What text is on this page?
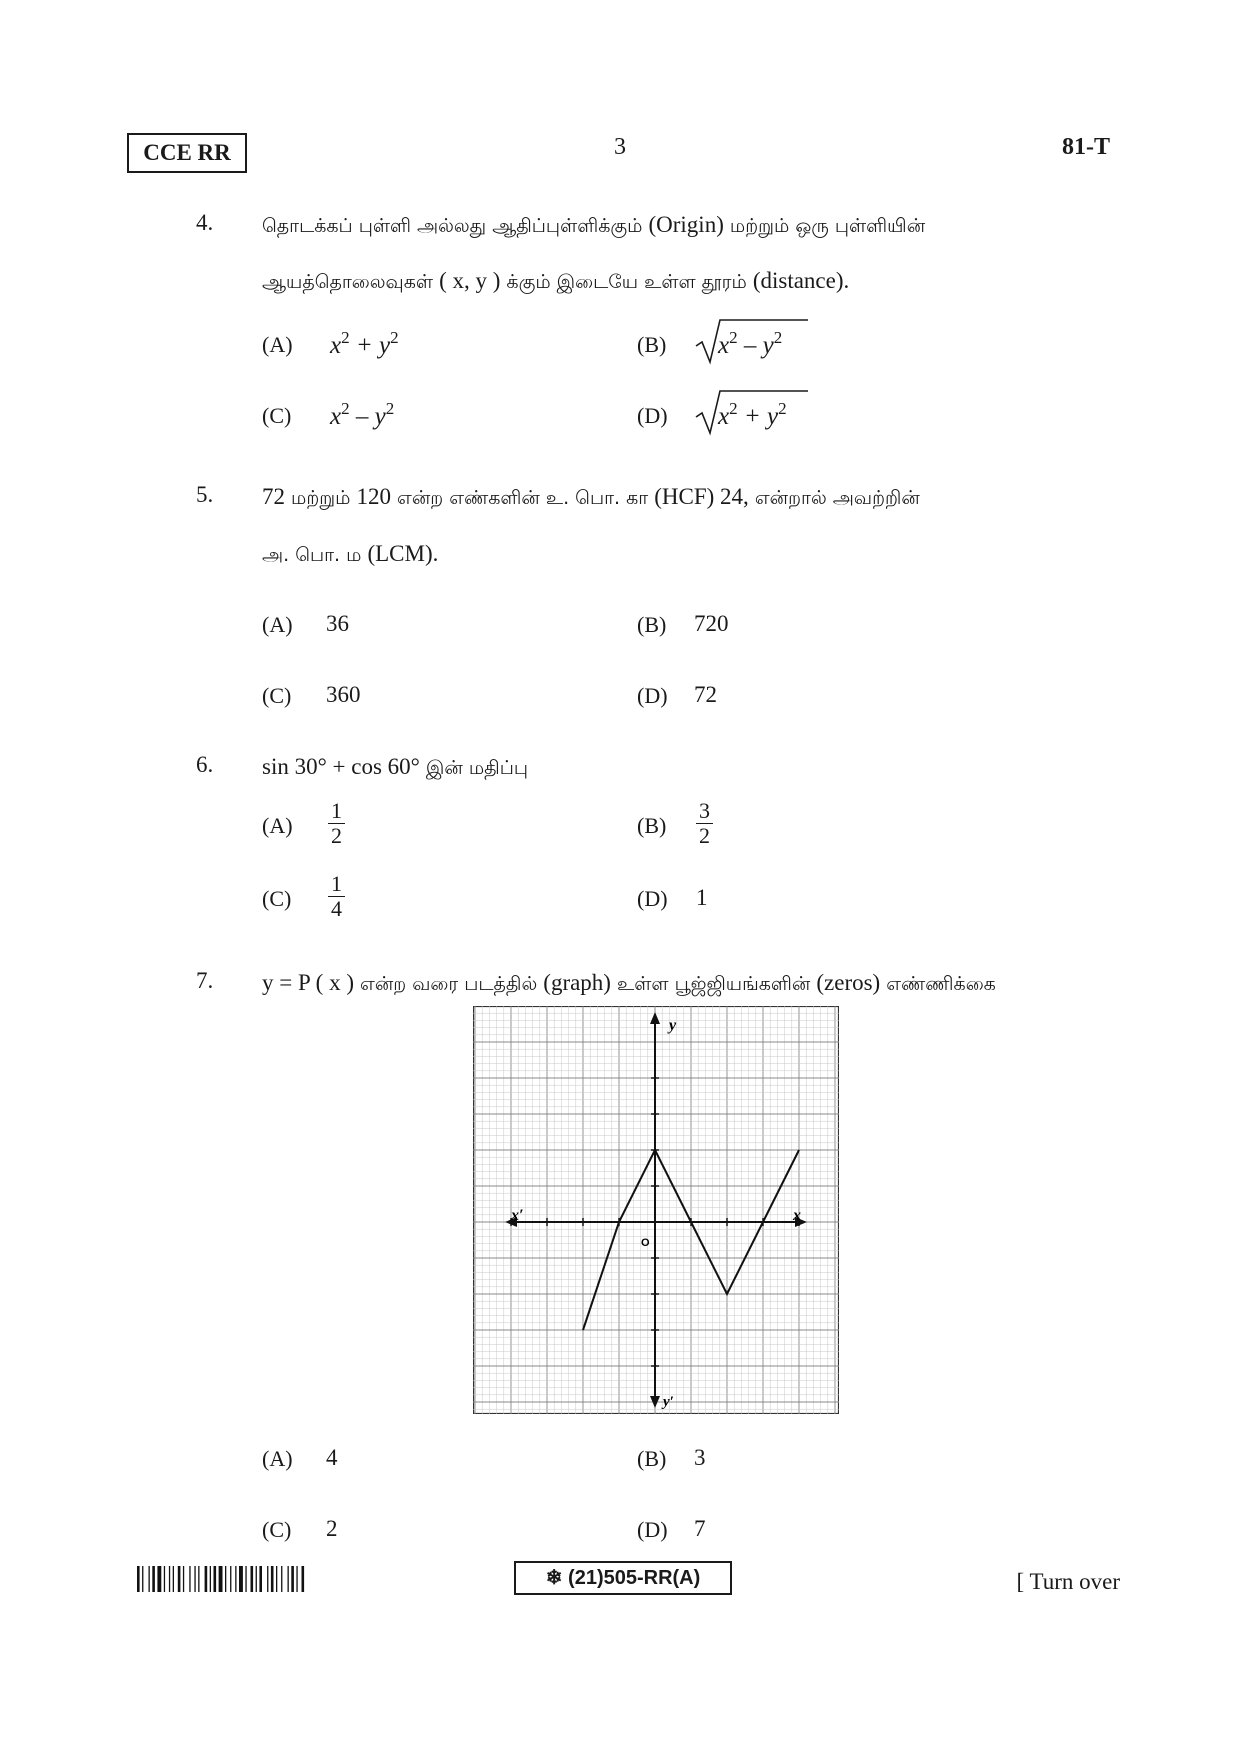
CCE RR	3	81-T
4.	தொடக்கப் புள்ளி அல்லது ஆதிப்புள்ளிக்கும் (Origin) மற்றும் ஒரு புள்ளியின்
ஆயத்தொலைவுகள் ( x, y ) க்கும் இடையே உள்ள தூரம் (distance).
(A) $x^2 + y^2$	(B) $x^2 - y^2$
(C) $x^2 - y^2$	(D) $x^2 + y^2$
5. 72 மற்றும் 120 என்ற எண்களின் உ. பொ. கா (HCF) 24, என்றால் அவற்றின்
அ. பொ. ம (LCM).
(A) 36	(B) 720
(C) 360	(D) 72
6. sin 30° + cos 60° இன் மதிப்பு
$(A) \frac{1}{2}$	$(B) \frac{3}{2}$
$(C) \frac{1}{4}$	(D) 1
7. y = P ( x ) என்ற வரை படத்தில் (graph) உள்ள பூஜ்ஜியங்களின் (zeros) எண்ணிக்கை
y
y′
x
x′
O
(A) 4	(B) 3
(C) 2	(D) 7
❄ (21)505-RR(A)	[ Turn over
